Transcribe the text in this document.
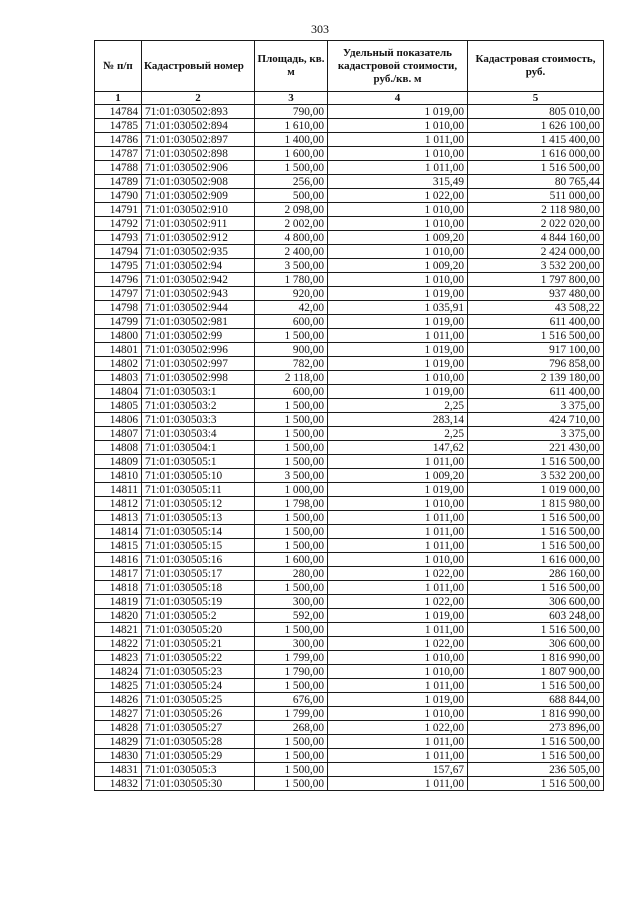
303
№ п/п	Кадастровый номер	Площадь, кв. м	Удельный показатель кадастровой стоимости, руб./кв. м	Кадастровая стоимость, руб.
1	2	3	4	5
14784	71:01:030502:893	790,00	1 019,00	805 010,00
14785	71:01:030502:894	1 610,00	1 010,00	1 626 100,00
14786	71:01:030502:897	1 400,00	1 011,00	1 415 400,00
14787	71:01:030502:898	1 600,00	1 010,00	1 616 000,00
14788	71:01:030502:906	1 500,00	1 011,00	1 516 500,00
14789	71:01:030502:908	256,00	315,49	80 765,44
14790	71:01:030502:909	500,00	1 022,00	511 000,00
14791	71:01:030502:910	2 098,00	1 010,00	2 118 980,00
14792	71:01:030502:911	2 002,00	1 010,00	2 022 020,00
14793	71:01:030502:912	4 800,00	1 009,20	4 844 160,00
14794	71:01:030502:935	2 400,00	1 010,00	2 424 000,00
14795	71:01:030502:94	3 500,00	1 009,20	3 532 200,00
14796	71:01:030502:942	1 780,00	1 010,00	1 797 800,00
14797	71:01:030502:943	920,00	1 019,00	937 480,00
14798	71:01:030502:944	42,00	1 035,91	43 508,22
14799	71:01:030502:981	600,00	1 019,00	611 400,00
14800	71:01:030502:99	1 500,00	1 011,00	1 516 500,00
14801	71:01:030502:996	900,00	1 019,00	917 100,00
14802	71:01:030502:997	782,00	1 019,00	796 858,00
14803	71:01:030502:998	2 118,00	1 010,00	2 139 180,00
14804	71:01:030503:1	600,00	1 019,00	611 400,00
14805	71:01:030503:2	1 500,00	2,25	3 375,00
14806	71:01:030503:3	1 500,00	283,14	424 710,00
14807	71:01:030503:4	1 500,00	2,25	3 375,00
14808	71:01:030504:1	1 500,00	147,62	221 430,00
14809	71:01:030505:1	1 500,00	1 011,00	1 516 500,00
14810	71:01:030505:10	3 500,00	1 009,20	3 532 200,00
14811	71:01:030505:11	1 000,00	1 019,00	1 019 000,00
14812	71:01:030505:12	1 798,00	1 010,00	1 815 980,00
14813	71:01:030505:13	1 500,00	1 011,00	1 516 500,00
14814	71:01:030505:14	1 500,00	1 011,00	1 516 500,00
14815	71:01:030505:15	1 500,00	1 011,00	1 516 500,00
14816	71:01:030505:16	1 600,00	1 010,00	1 616 000,00
14817	71:01:030505:17	280,00	1 022,00	286 160,00
14818	71:01:030505:18	1 500,00	1 011,00	1 516 500,00
14819	71:01:030505:19	300,00	1 022,00	306 600,00
14820	71:01:030505:2	592,00	1 019,00	603 248,00
14821	71:01:030505:20	1 500,00	1 011,00	1 516 500,00
14822	71:01:030505:21	300,00	1 022,00	306 600,00
14823	71:01:030505:22	1 799,00	1 010,00	1 816 990,00
14824	71:01:030505:23	1 790,00	1 010,00	1 807 900,00
14825	71:01:030505:24	1 500,00	1 011,00	1 516 500,00
14826	71:01:030505:25	676,00	1 019,00	688 844,00
14827	71:01:030505:26	1 799,00	1 010,00	1 816 990,00
14828	71:01:030505:27	268,00	1 022,00	273 896,00
14829	71:01:030505:28	1 500,00	1 011,00	1 516 500,00
14830	71:01:030505:29	1 500,00	1 011,00	1 516 500,00
14831	71:01:030505:3	1 500,00	157,67	236 505,00
14832	71:01:030505:30	1 500,00	1 011,00	1 516 500,00
